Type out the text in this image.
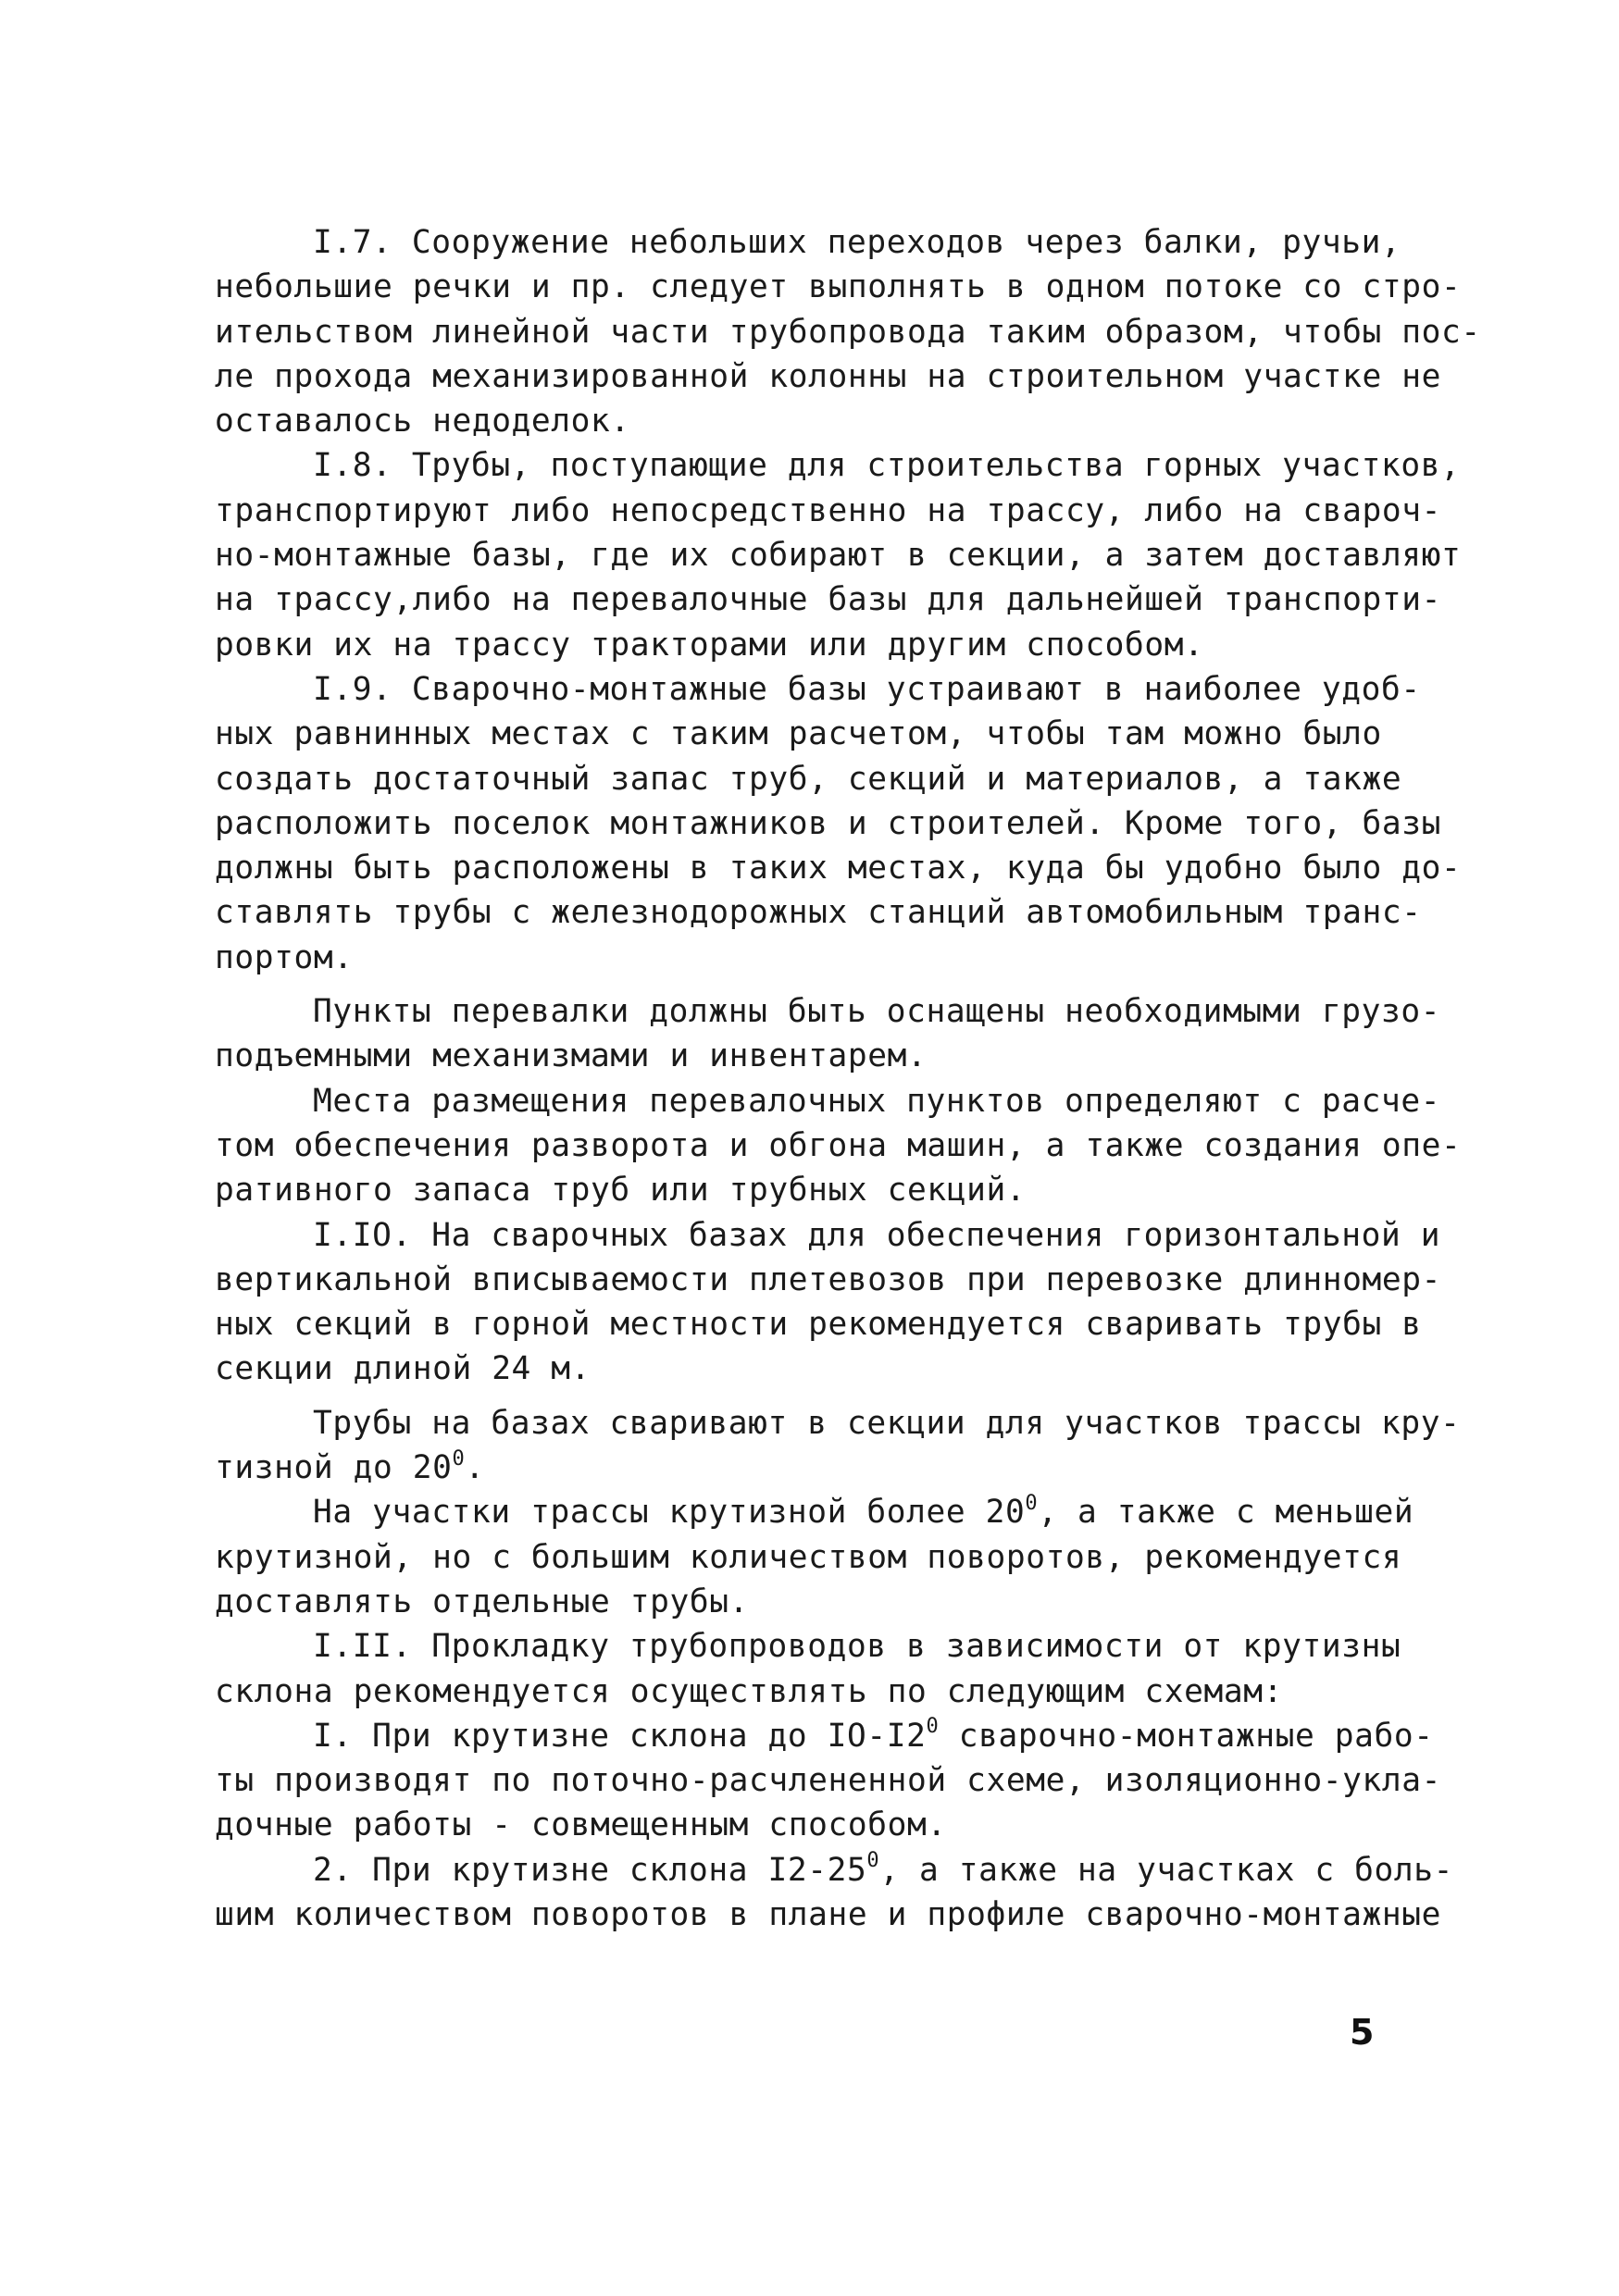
I.7. Сооружение небольших переходов через балки, ручьи,
небольшие речки и пр. следует выполнять в одном потоке со стро-
ительством линейной части трубопровода таким образом, чтобы пос-
ле прохода механизированной колонны на строительном участке не
оставалось недоделок.
I.8. Трубы, поступающие для строительства горных участков,
транспортируют либо непосредственно на трассу, либо на свароч-
но-монтажные базы, где их собирают в секции, а затем доставляют
на трассу,либо на перевалочные базы для дальнейшей транспорти-
ровки их на трассу тракторами или другим способом.
I.9. Сварочно-монтажные базы устраивают в наиболее удоб-
ных равнинных местах с таким расчетом, чтобы там можно было
создать достаточный запас труб, секций и материалов, а также
расположить поселок монтажников и строителей. Кроме того, базы
должны быть расположены в таких местах, куда бы удобно было до-
ставлять трубы с железнодорожных станций автомобильным транс-
портом.
Пункты перевалки должны быть оснащены необходимыми грузо-
подъемными механизмами и инвентарем.
Места размещения перевалочных пунктов определяют с расче-
том обеспечения разворота и обгона машин, а также создания опе-
ративного запаса труб или трубных секций.
I.IO. На сварочных базах для обеспечения горизонтальной и
вертикальной вписываемости плетевозов при перевозке длинномер-
ных секций в горной местности рекомендуется сваривать трубы в
секции длиной 24 м.
Трубы на базах сваривают в секции для участков трассы кру-
тизной до $20^0$.
На участки трассы крутизной более $20^0$, а также с меньшей
крутизной, но с большим количеством поворотов, рекомендуется
доставлять отдельные трубы.
I.II. Прокладку трубопроводов в зависимости от крутизны
склона рекомендуется осуществлять по следующим схемам:
I. При крутизне склона до $IO-I2^0$ сварочно-монтажные рабо-
ты производят по поточно-расчлененной схеме, изоляционно-укла-
дочные работы - совмещенным способом.
2. При крутизне склона $I2-25^0$, а также на участках с боль-
шим количеством поворотов в плане и профиле сварочно-монтажные
5
